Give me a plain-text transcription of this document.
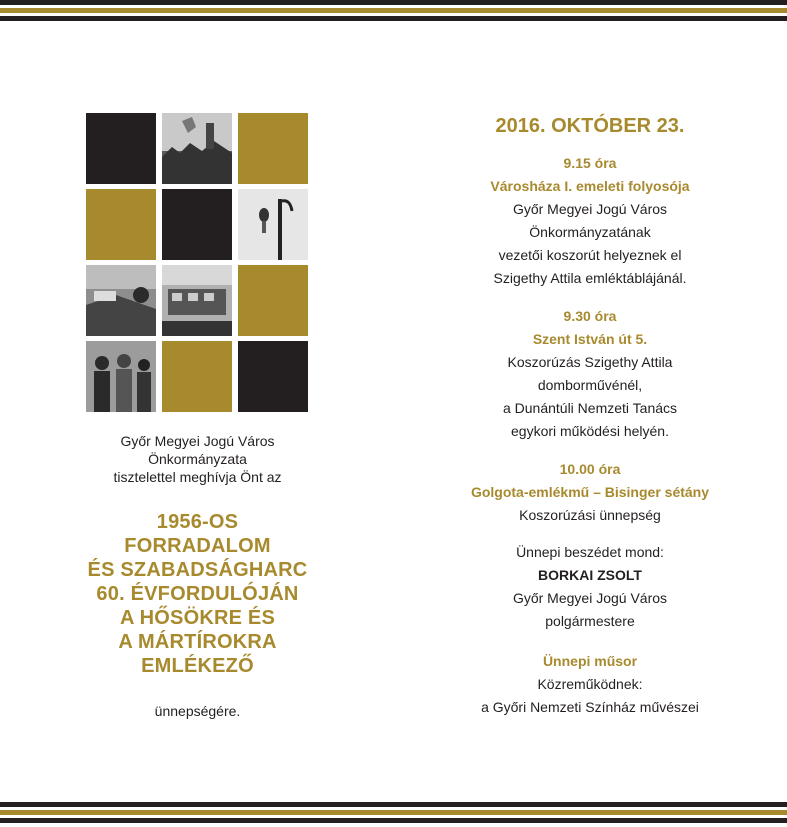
Győr Megyei Jogú Város
Önkormányzata
tisztelettel meghívja Önt az
1956-OS
FORRADALOM
ÉS SZABADSÁGHARC
60. ÉVFORDULÓJÁN
A HŐSÖKRE ÉS
A MÁRTÍROKRA
EMLÉKEZŐ
ünnepségére.
2016. OKTÓBER 23.
9.15 óra
Városháza I. emeleti folyosója
Győr Megyei Jogú Város
Önkormányzatának
vezetői koszorút helyeznek el
Szigethy Attila emléktáblájánál.
9.30 óra
Szent István út 5.
Koszorúzás Szigethy Attila
domborművénél,
a Dunántúli Nemzeti Tanács
egykori működési helyén.
10.00 óra
Golgota-emlékmű – Bisinger sétány
Koszorúzási ünnepség
Ünnepi beszédet mond:
BORKAI ZSOLT
Győr Megyei Jogú Város
polgármestere
Ünnepi műsor
Közreműködnek:
a Győri Nemzeti Színház művészei
